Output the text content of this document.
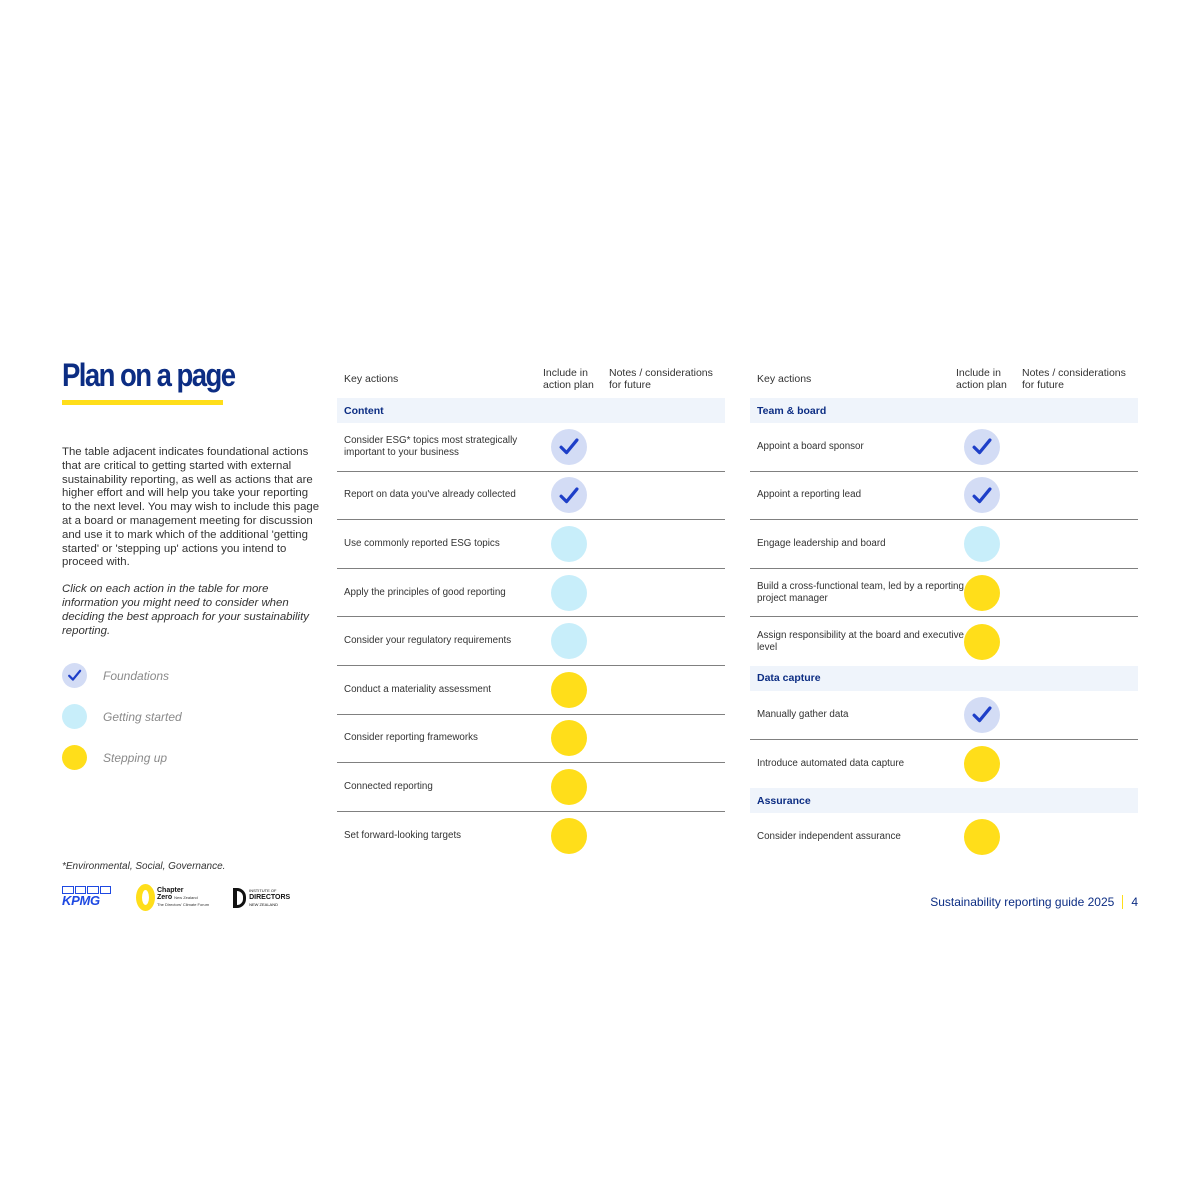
Plan on a page
The table adjacent indicates foundational actions that are critical to getting started with external sustainability reporting, as well as actions that are higher effort and will help you take your reporting to the next level. You may wish to include this page at a board or management meeting for discussion and use it to mark which of the additional 'getting started' or 'stepping up' actions you intend to proceed with.
Click on each action in the table for more information you might need to consider when deciding the best approach for your sustainability reporting.
Foundations
Getting started
Stepping up
*Environmental, Social, Governance.
KPMG
Chapter
Zero New Zealand
The Directors' Climate Forum
INSTITUTE OF
DIRECTORS
NEW ZEALAND	Sustainability reporting guide 2025 4
Key actions	Include in
action plan
Notes / considerations
for future
Content
Consider ESG* topics most strategically important to your business
Report on data you've already collected
Use commonly reported ESG topics
Apply the principles of good reporting
Consider your regulatory requirements
Conduct a materiality assessment
Consider reporting frameworks
Connected reporting
Set forward-looking targets
Key actions	Include in
action plan
Notes / considerations
for future
Team & board
Appoint a board sponsor
Appoint a reporting lead
Engage leadership and board
Build a cross-functional team, led by a reporting project manager
Assign responsibility at the board and executive level
Data capture
Manually gather data
Introduce automated data capture
Assurance
Consider independent assurance
